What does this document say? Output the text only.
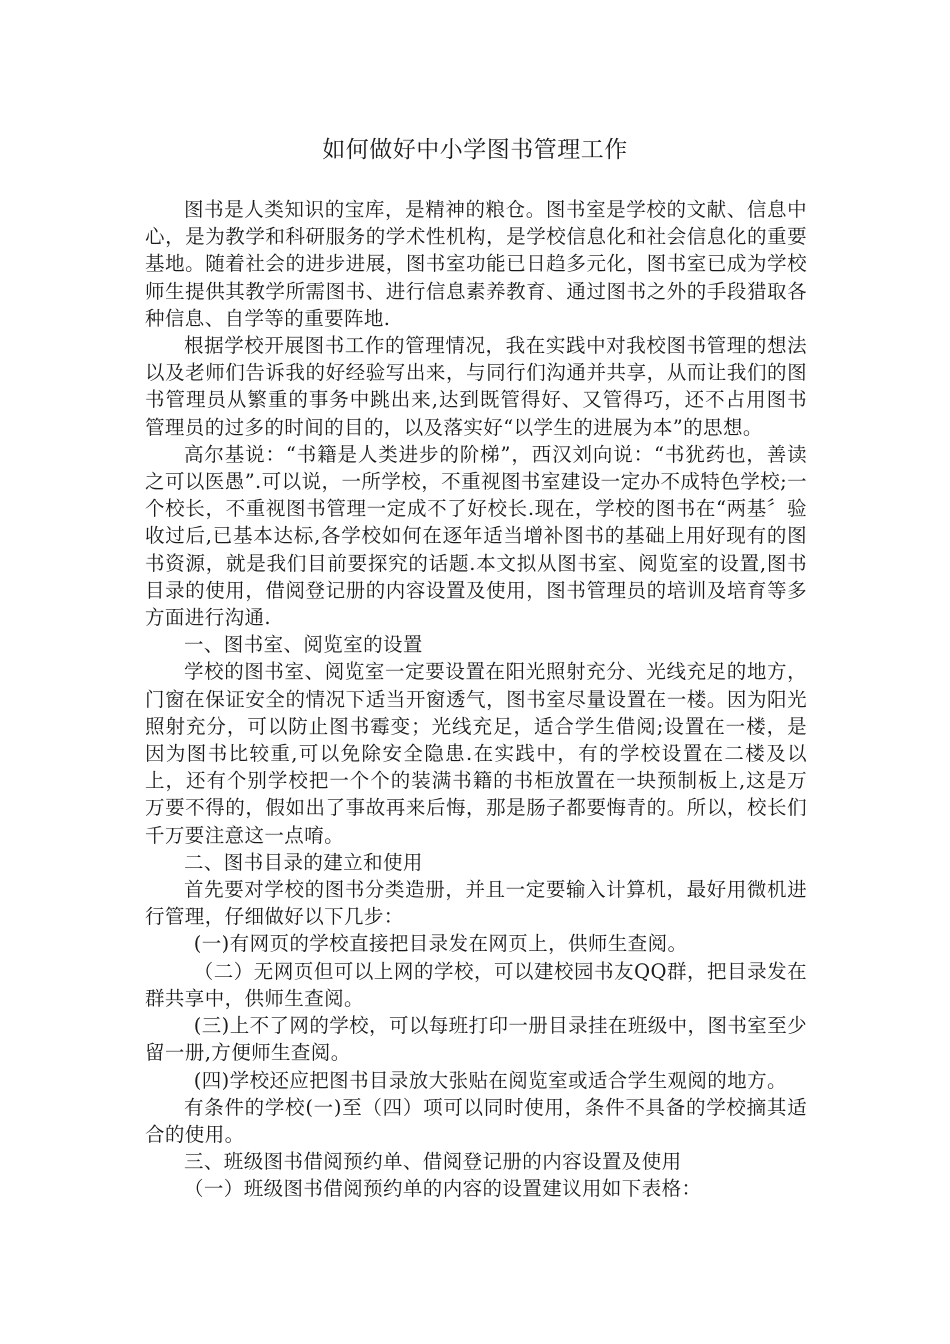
如何做好中小学图书管理工作

图书是人类知识的宝库，是精神的粮仓。图书室是学校的文献、信息中心，是为教学和科研服务的学术性机构，是学校信息化和社会信息化的重要基地。随着社会的进步进展，图书室功能已日趋多元化，图书室已成为学校师生提供其教学所需图书、进行信息素养教育、通过图书之外的手段猎取各种信息、自学等的重要阵地.

根据学校开展图书工作的管理情况，我在实践中对我校图书管理的想法以及老师们告诉我的好经验写出来，与同行们沟通并共享，从而让我们的图书管理员从繁重的事务中跳出来,达到既管得好、又管得巧，还不占用图书管理员的过多的时间的目的，以及落实好“以学生的进展为本”的思想。

高尔基说：“书籍是人类进步的阶梯”，西汉刘向说：“书犹药也，善读之可以医愚”.可以说，一所学校，不重视图书室建设一定办不成特色学校;一个校长，不重视图书管理一定成不了好校长.现在，学校的图书在“两基〞验收过后,已基本达标,各学校如何在逐年适当增补图书的基础上用好现有的图书资源，就是我们目前要探究的话题.本文拟从图书室、阅览室的设置,图书目录的使用，借阅登记册的内容设置及使用，图书管理员的培训及培育等多方面进行沟通.

一、图书室、阅览室的设置

学校的图书室、阅览室一定要设置在阳光照射充分、光线充足的地方，门窗在保证安全的情况下适当开窗透气，图书室尽量设置在一楼。因为阳光照射充分，可以防止图书霉变；光线充足，适合学生借阅;设置在一楼，是因为图书比较重,可以免除安全隐患.在实践中，有的学校设置在二楼及以上，还有个别学校把一个个的装满书籍的书柜放置在一块预制板上,这是万万要不得的，假如出了事故再来后悔，那是肠子都要悔青的。所以，校长们千万要注意这一点唷。

二、图书目录的建立和使用

首先要对学校的图书分类造册，并且一定要输入计算机，最好用微机进行管理，仔细做好以下几步：

(一)有网页的学校直接把目录发在网页上，供师生查阅。

（二）无网页但可以上网的学校，可以建校园书友QQ群，把目录发在群共享中，供师生查阅。

(三)上不了网的学校，可以每班打印一册目录挂在班级中，图书室至少留一册,方便师生查阅。

(四)学校还应把图书目录放大张贴在阅览室或适合学生观阅的地方。

有条件的学校(一)至（四）项可以同时使用，条件不具备的学校摘其适合的使用。

三、班级图书借阅预约单、借阅登记册的内容设置及使用

（一）班级图书借阅预约单的内容的设置建议用如下表格：
